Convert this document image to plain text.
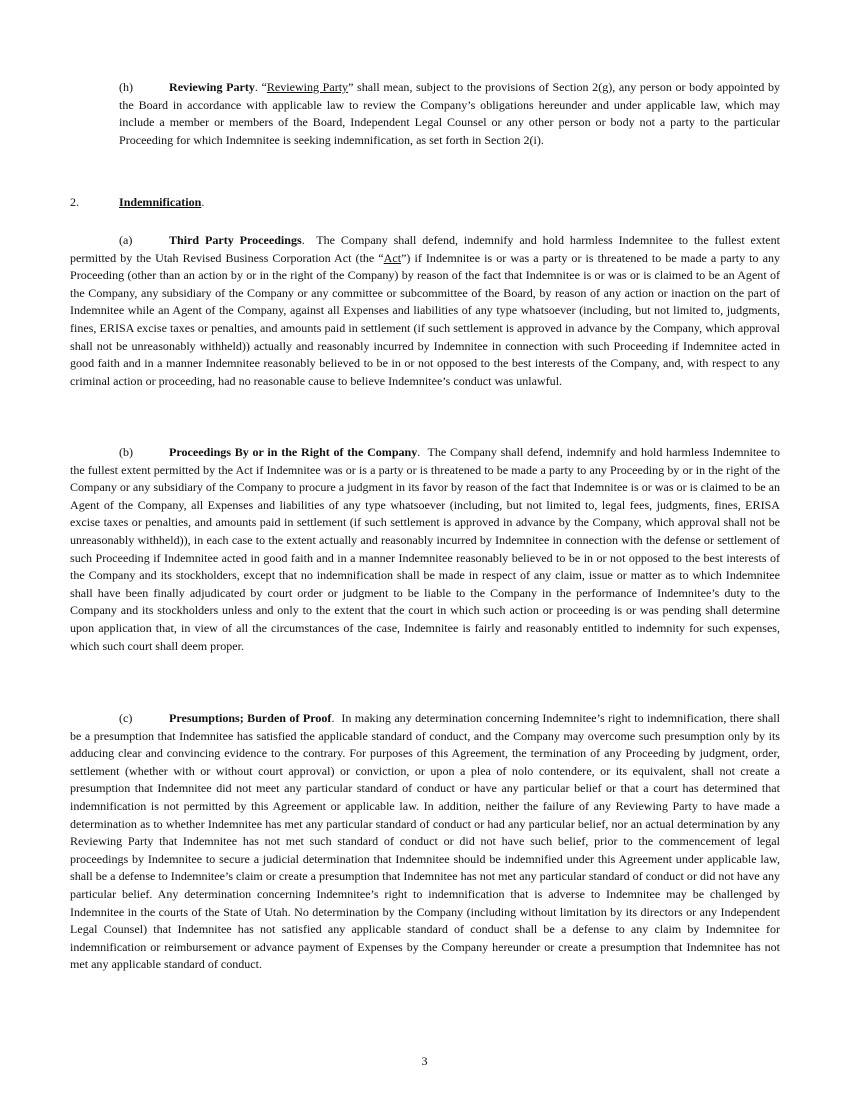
(h)	Reviewing Party. “Reviewing Party” shall mean, subject to the provisions of Section 2(g), any person or body appointed by the Board in accordance with applicable law to review the Company’s obligations hereunder and under applicable law, which may include a member or members of the Board, Independent Legal Counsel or any other person or body not a party to the particular Proceeding for which Indemnitee is seeking indemnification, as set forth in Section 2(i).

2.	Indemnification.

(a)	Third Party Proceedings.  The Company shall defend, indemnify and hold harmless Indemnitee to the fullest extent permitted by the Utah Revised Business Corporation Act (the “Act”) if Indemnitee is or was a party or is threatened to be made a party to any Proceeding (other than an action by or in the right of the Company) by reason of the fact that Indemnitee is or was or is claimed to be an Agent of the Company, any subsidiary of the Company or any committee or subcommittee of the Board, by reason of any action or inaction on the part of Indemnitee while an Agent of the Company, against all Expenses and liabilities of any type whatsoever (including, but not limited to, judgments, fines, ERISA excise taxes or penalties, and amounts paid in settlement (if such settlement is approved in advance by the Company, which approval shall not be unreasonably withheld)) actually and reasonably incurred by Indemnitee in connection with such Proceeding if Indemnitee acted in good faith and in a manner Indemnitee reasonably believed to be in or not opposed to the best interests of the Company, and, with respect to any criminal action or proceeding, had no reasonable cause to believe Indemnitee’s conduct was unlawful.

(b)	Proceedings By or in the Right of the Company.  The Company shall defend, indemnify and hold harmless Indemnitee to the fullest extent permitted by the Act if Indemnitee was or is a party or is threatened to be made a party to any Proceeding by or in the right of the Company or any subsidiary of the Company to procure a judgment in its favor by reason of the fact that Indemnitee is or was or is claimed to be an Agent of the Company, all Expenses and liabilities of any type whatsoever (including, but not limited to, legal fees, judgments, fines, ERISA excise taxes or penalties, and amounts paid in settlement (if such settlement is approved in advance by the Company, which approval shall not be unreasonably withheld)), in each case to the extent actually and reasonably incurred by Indemnitee in connection with the defense or settlement of such Proceeding if Indemnitee acted in good faith and in a manner Indemnitee reasonably believed to be in or not opposed to the best interests of the Company and its stockholders, except that no indemnification shall be made in respect of any claim, issue or matter as to which Indemnitee shall have been finally adjudicated by court order or judgment to be liable to the Company in the performance of Indemnitee’s duty to the Company and its stockholders unless and only to the extent that the court in which such action or proceeding is or was pending shall determine upon application that, in view of all the circumstances of the case, Indemnitee is fairly and reasonably entitled to indemnity for such expenses, which such court shall deem proper.

(c)	Presumptions; Burden of Proof.  In making any determination concerning Indemnitee’s right to indemnification, there shall be a presumption that Indemnitee has satisfied the applicable standard of conduct, and the Company may overcome such presumption only by its adducing clear and convincing evidence to the contrary. For purposes of this Agreement, the termination of any Proceeding by judgment, order, settlement (whether with or without court approval) or conviction, or upon a plea of nolo contendere, or its equivalent, shall not create a presumption that Indemnitee did not meet any particular standard of conduct or have any particular belief or that a court has determined that indemnification is not permitted by this Agreement or applicable law. In addition, neither the failure of any Reviewing Party to have made a determination as to whether Indemnitee has met any particular standard of conduct or had any particular belief, nor an actual determination by any Reviewing Party that Indemnitee has not met such standard of conduct or did not have such belief, prior to the commencement of legal proceedings by Indemnitee to secure a judicial determination that Indemnitee should be indemnified under this Agreement under applicable law, shall be a defense to Indemnitee’s claim or create a presumption that Indemnitee has not met any particular standard of conduct or did not have any particular belief. Any determination concerning Indemnitee’s right to indemnification that is adverse to Indemnitee may be challenged by Indemnitee in the courts of the State of Utah. No determination by the Company (including without limitation by its directors or any Independent Legal Counsel) that Indemnitee has not satisfied any applicable standard of conduct shall be a defense to any claim by Indemnitee for indemnification or reimbursement or advance payment of Expenses by the Company hereunder or create a presumption that Indemnitee has not met any applicable standard of conduct.

3
